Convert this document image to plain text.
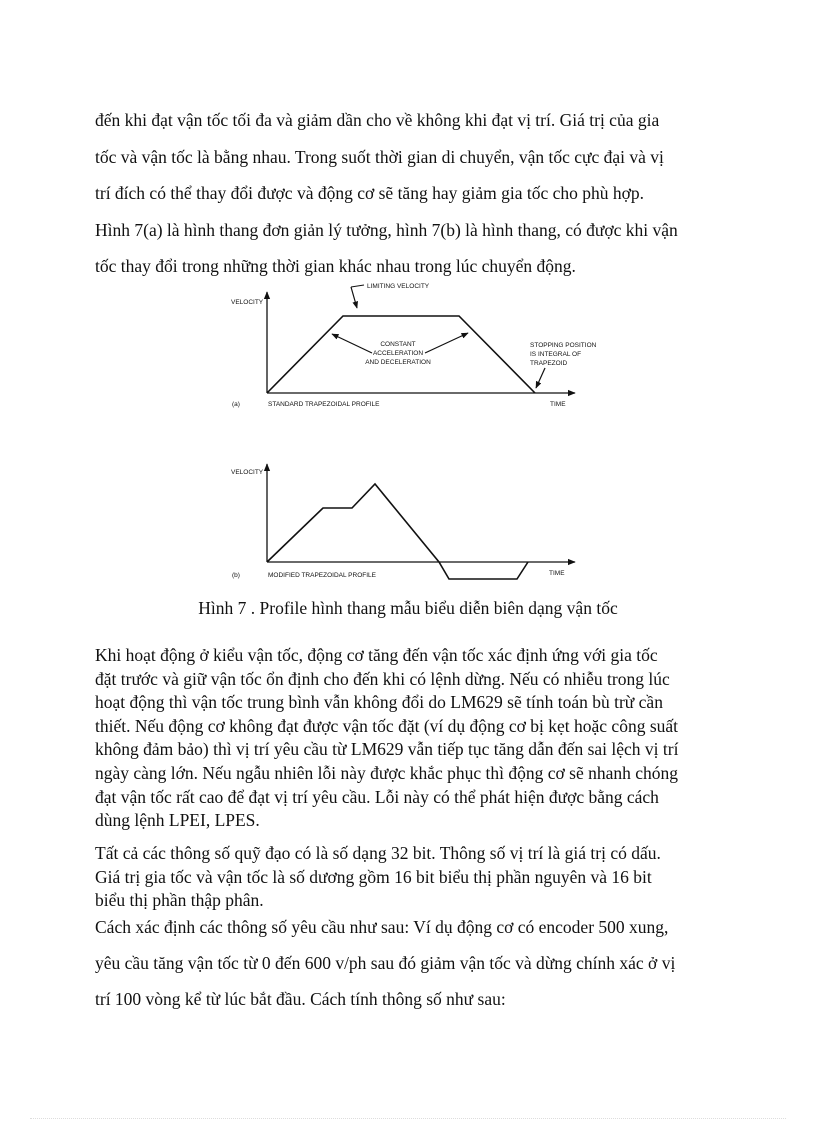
đến khi đạt vận tốc tối đa và giảm dần cho về không khi đạt vị trí. Giá trị của gia
tốc và vận tốc là bằng nhau. Trong suốt thời gian di chuyển, vận tốc cực đại và vị
trí đích có thể thay đổi được và động cơ sẽ tăng hay giảm gia tốc cho phù hợp.
Hình 7(a) là hình thang đơn giản lý tưởng, hình 7(b) là hình thang, có được khi vận
tốc thay đổi trong những thời gian khác nhau trong lúc chuyển động.
VELOCITY
LIMITING VELOCITY
CONSTANT
ACCELERATION
AND DECELERATION
STOPPING POSITION
IS INTEGRAL OF
TRAPEZOID
TIME
(a)	STANDARD TRAPEZOIDAL PROFILE
VELOCITY
TIME
(b)	MODIFIED TRAPEZOIDAL PROFILE
Hình 7 . Profile hình thang mẫu biểu diễn biên dạng vận tốc
Khi hoạt động ở kiểu vận tốc, động cơ tăng đến vận tốc xác định ứng với gia tốc
đặt trước và giữ vận tốc ổn định cho đến khi có lệnh dừng. Nếu có nhiễu trong lúc
hoạt động thì vận tốc trung bình vẫn không đổi do LM629 sẽ tính toán bù trừ cần
thiết. Nếu động cơ không đạt được vận tốc đặt (ví dụ động cơ bị kẹt hoặc công suất
không đảm bảo) thì vị trí yêu cầu từ LM629 vẫn tiếp tục tăng dẫn đến sai lệch vị trí
ngày càng lớn. Nếu ngẫu nhiên lỗi này được khắc phục thì động cơ sẽ nhanh chóng
đạt vận tốc rất cao để đạt vị trí yêu cầu. Lỗi này có thể phát hiện được bằng cách
dùng lệnh LPEI, LPES.
Tất cả các thông số quỹ đạo có là số dạng 32 bit. Thông số vị trí là giá trị có dấu.
Giá trị gia tốc và vận tốc là số dương gồm 16 bit biểu thị phần nguyên và 16 bit
biểu thị phần thập phân.
Cách xác định các thông số yêu cầu như sau: Ví dụ động cơ có encoder 500 xung,
yêu cầu tăng vận tốc từ 0 đến 600 v/ph sau đó giảm vận tốc và dừng chính xác ở vị
trí 100 vòng kể từ lúc bắt đầu. Cách tính thông số như sau:
